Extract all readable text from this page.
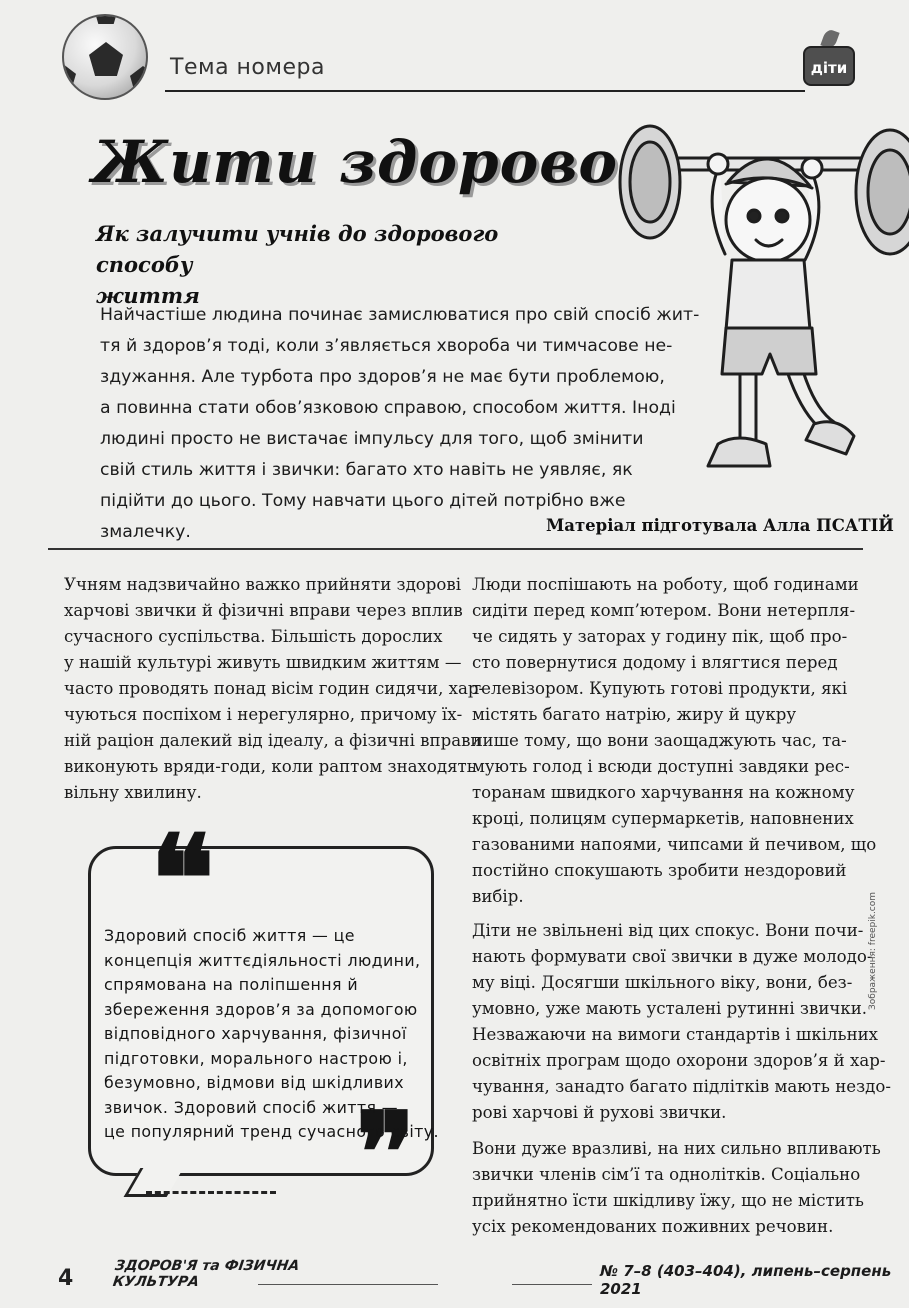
Тема номера	діти
Жити здорово
Як залучити учнів до здорового способу
життя
Найчастіше людина починає замислюватися про свій спосіб жит-
тя й здоров’я тоді, коли з’являється хвороба чи тимчасове не-
здужання. Але турбота про здоров’я не має бути проблемою,
а повинна стати обов’язковою справою, способом життя. Іноді
людині просто не вистачає імпульсу для того, щоб змінити
свій стиль життя і звички: багато хто навіть не уявляє, як
підійти до цього. Тому навчати цього дітей потрібно вже
змалечку.	Матеріал підготувала Алла ПСАТІЙ
Учням надзвичайно важко прийняти здорові
харчові звички й фізичні вправи через вплив
сучасного суспільства. Більшість дорослих
у нашій культурі живуть швидким життям —
часто проводять понад вісім годин сидячи, хар-
чуються поспіхом і нерегулярно, причому їх-
ній раціон далекий від ідеалу, а фізичні вправи
виконують вряди-годи, коли раптом знаходять
вільну хвилину.
❝
❞
Здоровий спосіб життя — це
концепція життєдіяльності людини,
спрямована на поліпшення й
збереження здоров’я за допомогою
відповідного харчування, фізичної
підготовки, морального настрою і,
безумовно, відмови від шкідливих
звичок. Здоровий спосіб життя —
це популярний тренд сучасного світу.
Люди поспішають на роботу, щоб годинами
сидіти перед комп’ютером. Вони нетерпля-
че сидять у заторах у годину пік, щоб про-
сто повернутися додому і влягтися перед
телевізором. Купують готові продукти, які
містять багато натрію, жиру й цукру
лише тому, що вони заощаджують час, та-
мують голод і всюди доступні завдяки рес-
торанам швидкого харчування на кожному
кроці, полицям супермаркетів, наповнених
газованими напоями, чипсами й печивом, що
постійно спокушають зробити нездоровий
вибір.
Діти не звільнені від цих спокус. Вони почи-
нають формувати свої звички в дуже молодо-
му віці. Досягши шкільного віку, вони, без-
умовно, уже мають усталені рутинні звички.
Незважаючи на вимоги стандартів і шкільних
освітніх програм щодо охорони здоров’я й хар-
чування, занадто багато підлітків мають нездо-
рові харчові й рухові звички.
Вони дуже вразливі, на них сильно впливають
звички членів сім’ї та однолітків. Соціально
прийнятно їсти шкідливу їжу, що не містить
усіх рекомендованих поживних речовин.
Зображення: freepik.com
4	ЗДОРОВ'Я та ФІЗИЧНА
КУЛЬТУРА
№ 7–8 (403–404), липень–серпень 2021
